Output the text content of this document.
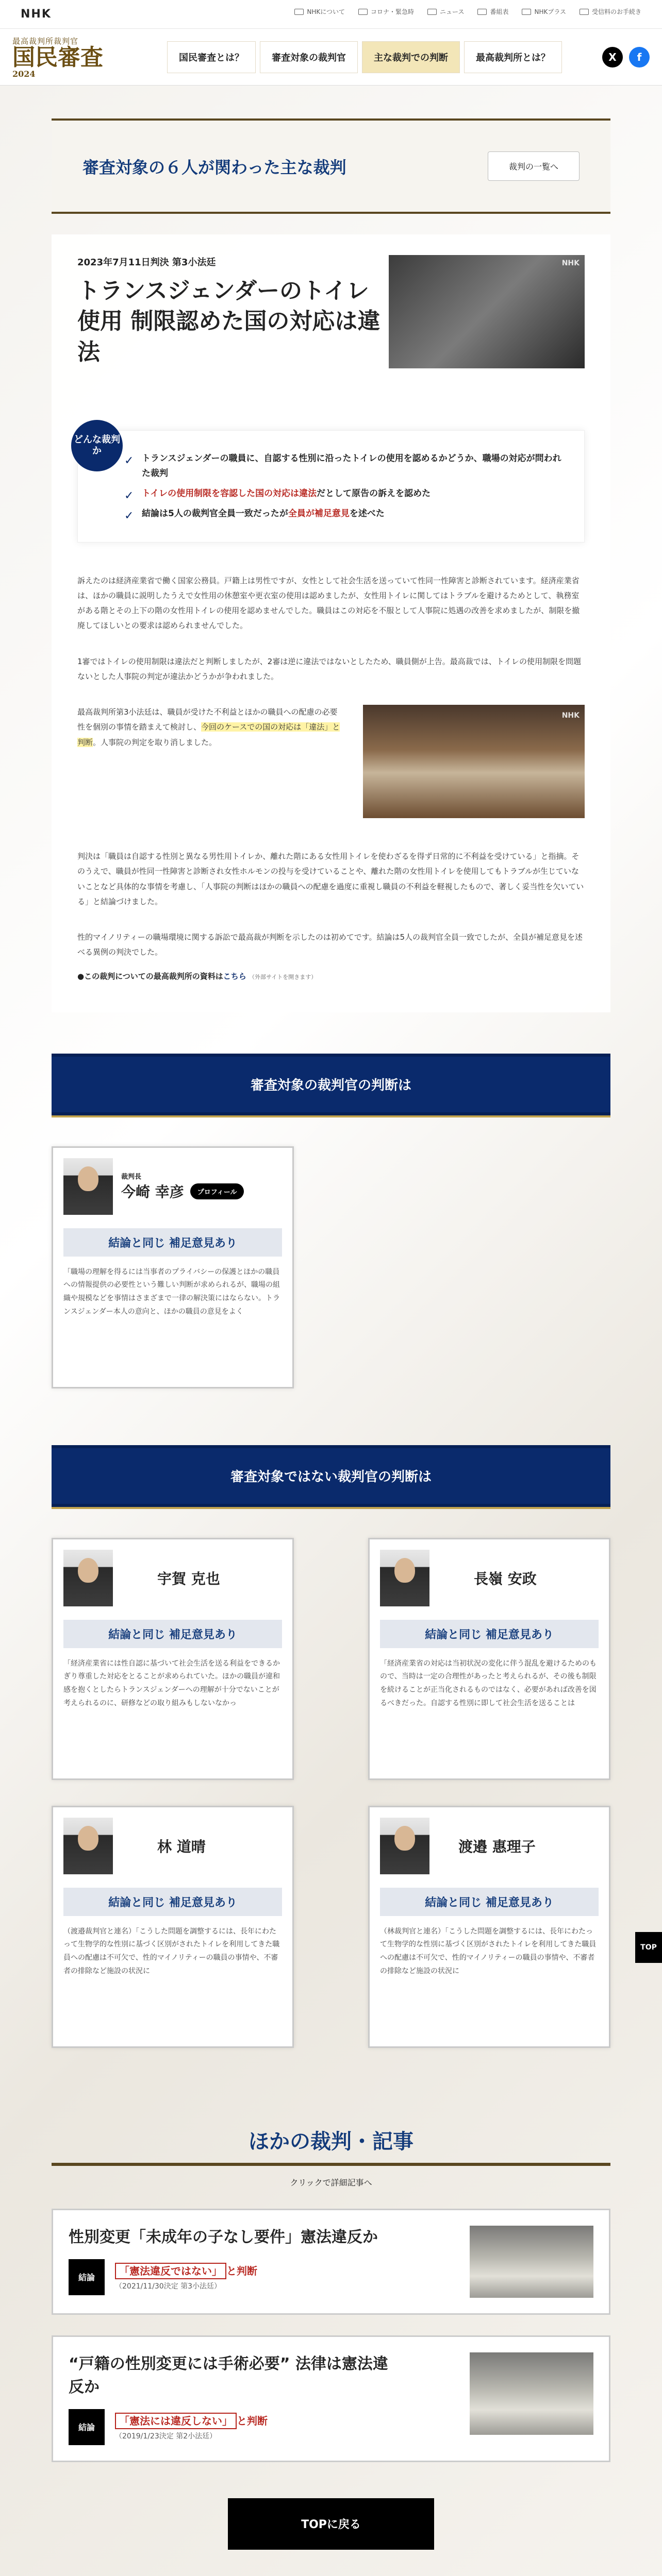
NHK	NHKについて	コロナ・緊急時	ニュース	番組表	NHKプラス	受信料のお手続き
最高裁判所裁判官
国民審査
2024
国民審査とは？	審査対象の裁判官	主な裁判での判断	最高裁判所とは？	X	f
審査対象の６人が関わった主な裁判	裁判の一覧へ
2023年7月11日判決 第3小法廷
トランスジェンダーのトイレ使用 制限認めた国の対応は違法
NHK
どんな裁判か
✓ トランスジェンダーの職員に、自認する性別に沿ったトイレの使用を認めるかどうか、職場の対応が問われた裁判
✓ トイレの使用制限を容認した国の対応は違法だとして原告の訴えを認めた
✓ 結論は5人の裁判官全員一致だったが全員が補足意見を述べた

訴えたのは経済産業省で働く国家公務員。戸籍上は男性ですが、女性として社会生活を送っていて性同一性障害と診断されています。経済産業省は、ほかの職員に説明したうえで女性用の休憩室や更衣室の使用は認めましたが、女性用トイレに関してはトラブルを避けるためとして、執務室がある階とその上下の階の女性用トイレの使用を認めませんでした。職員はこの対応を不服として人事院に処遇の改善を求めましたが、制限を撤廃してほしいとの要求は認められませんでした。

1審ではトイレの使用制限は違法だと判断しましたが、2審は逆に違法ではないとしたため、職員側が上告。最高裁では、トイレの使用制限を問題ないとした人事院の判定が違法かどうかが争われました。

最高裁判所第3小法廷は、職員が受けた不利益とほかの職員への配慮の必要性を個別の事情を踏まえて検討し、今回のケースでの国の対応は「違法」と判断。人事院の判定を取り消しました。

NHK

判決は「職員は自認する性別と異なる男性用トイレか、離れた階にある女性用トイレを使わざるを得ず日常的に不利益を受けている」と指摘。そのうえで、職員が性同一性障害と診断され女性ホルモンの投与を受けていることや、離れた階の女性用トイレを使用してもトラブルが生じていないことなど具体的な事情を考慮し、「人事院の判断はほかの職員への配慮を過度に重視し職員の不利益を軽視したもので、著しく妥当性を欠いている」と結論づけました。

性的マイノリティーの職場環境に関する訴訟で最高裁が判断を示したのは初めてです。結論は5人の裁判官全員一致でしたが、全員が補足意見を述べる異例の判決でした。

●この裁判についての最高裁判所の資料はこちら （外部サイトを開きます）
審査対象の裁判官の判断は
裁判長
今崎 幸彦	プロフィール
結論と同じ 補足意見あり
「職場の理解を得るには当事者のプライバシーの保護とほかの職員への情報提供の必要性という難しい判断が求められるが、職場の組織や規模などを事情はさまざまで一律の解決策にはならない。トランスジェンダー本人の意向と、ほかの職員の意見をよく
審査対象ではない裁判官の判断は
宇賀 克也
結論と同じ 補足意見あり
「経済産業省には性自認に基づいて社会生活を送る利益をできるかぎり尊重した対応をとることが求められていた。ほかの職員が違和感を抱くとしたらトランスジェンダーへの理解が十分でないことが考えられるのに、研修などの取り組みもしないなかっ
長嶺 安政
結論と同じ 補足意見あり
「経済産業省の対応は当初状況の変化に伴う混乱を避けるためのもので、当時は一定の合理性があったと考えられるが、その後も制限を続けることが正当化されるものではなく、必要があれば改善を図るべきだった。自認する性別に即して社会生活を送ることは
林 道晴
結論と同じ 補足意見あり
（渡邉裁判官と連名）「こうした問題を調整するには、長年にわたって生物学的な性別に基づく区別がされたトイレを利用してきた職員への配慮は不可欠で、性的マイノリティーの職員の事情や、不審者の排除など施設の状況に
渡邉 惠理子
結論と同じ 補足意見あり
（林裁判官と連名）「こうした問題を調整するには、長年にわたって生物学的な性別に基づく区別がされたトイレを利用してきた職員への配慮は不可欠で、性的マイノリティーの職員の事情や、不審者の排除など施設の状況に
ほかの裁判・記事
クリックで詳細記事へ
性別変更「未成年の子なし要件」憲法違反か
結論
「憲法違反ではない」 と判断
（2021/11/30決定 第3小法廷）
“戸籍の性別変更には手術必要” 法律は憲法違反か
結論
「憲法には違反しない」 と判断
（2019/1/23決定 第2小法廷）
TOPに戻る
TOP
